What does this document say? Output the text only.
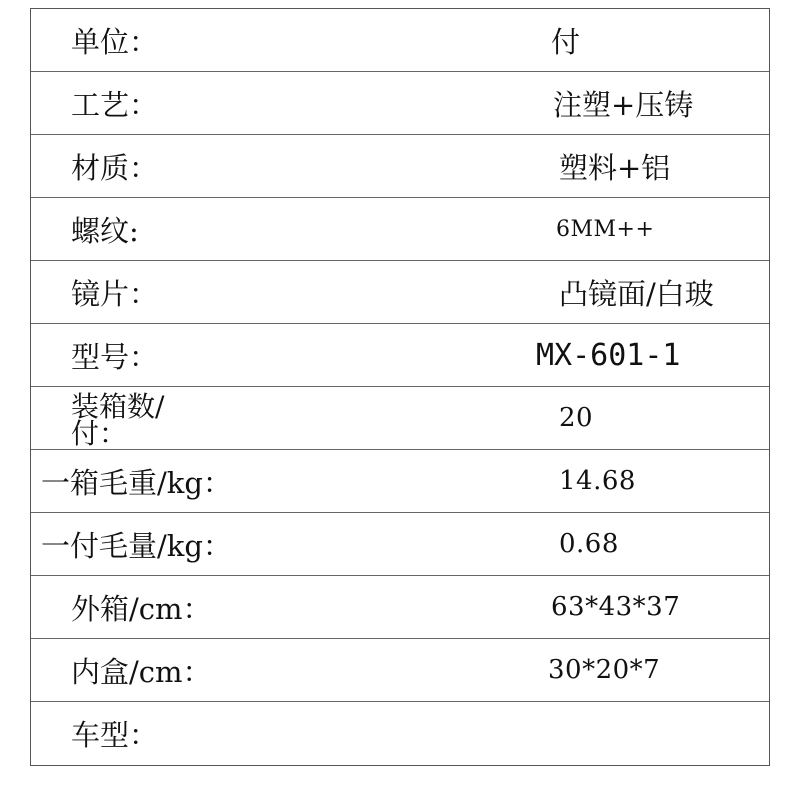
单位：	付
工艺：	注塑+压铸
材质：	塑料+铝
螺纹:	6MM++
镜片：	凸镜面/白玻
型号：	MX-601-1
装箱数/付：	20
一箱毛重/kg：	14.68
一付毛量/kg：	0.68
外箱/cm：	63*43*37
内盒/cm：	30*20*7
车型：
